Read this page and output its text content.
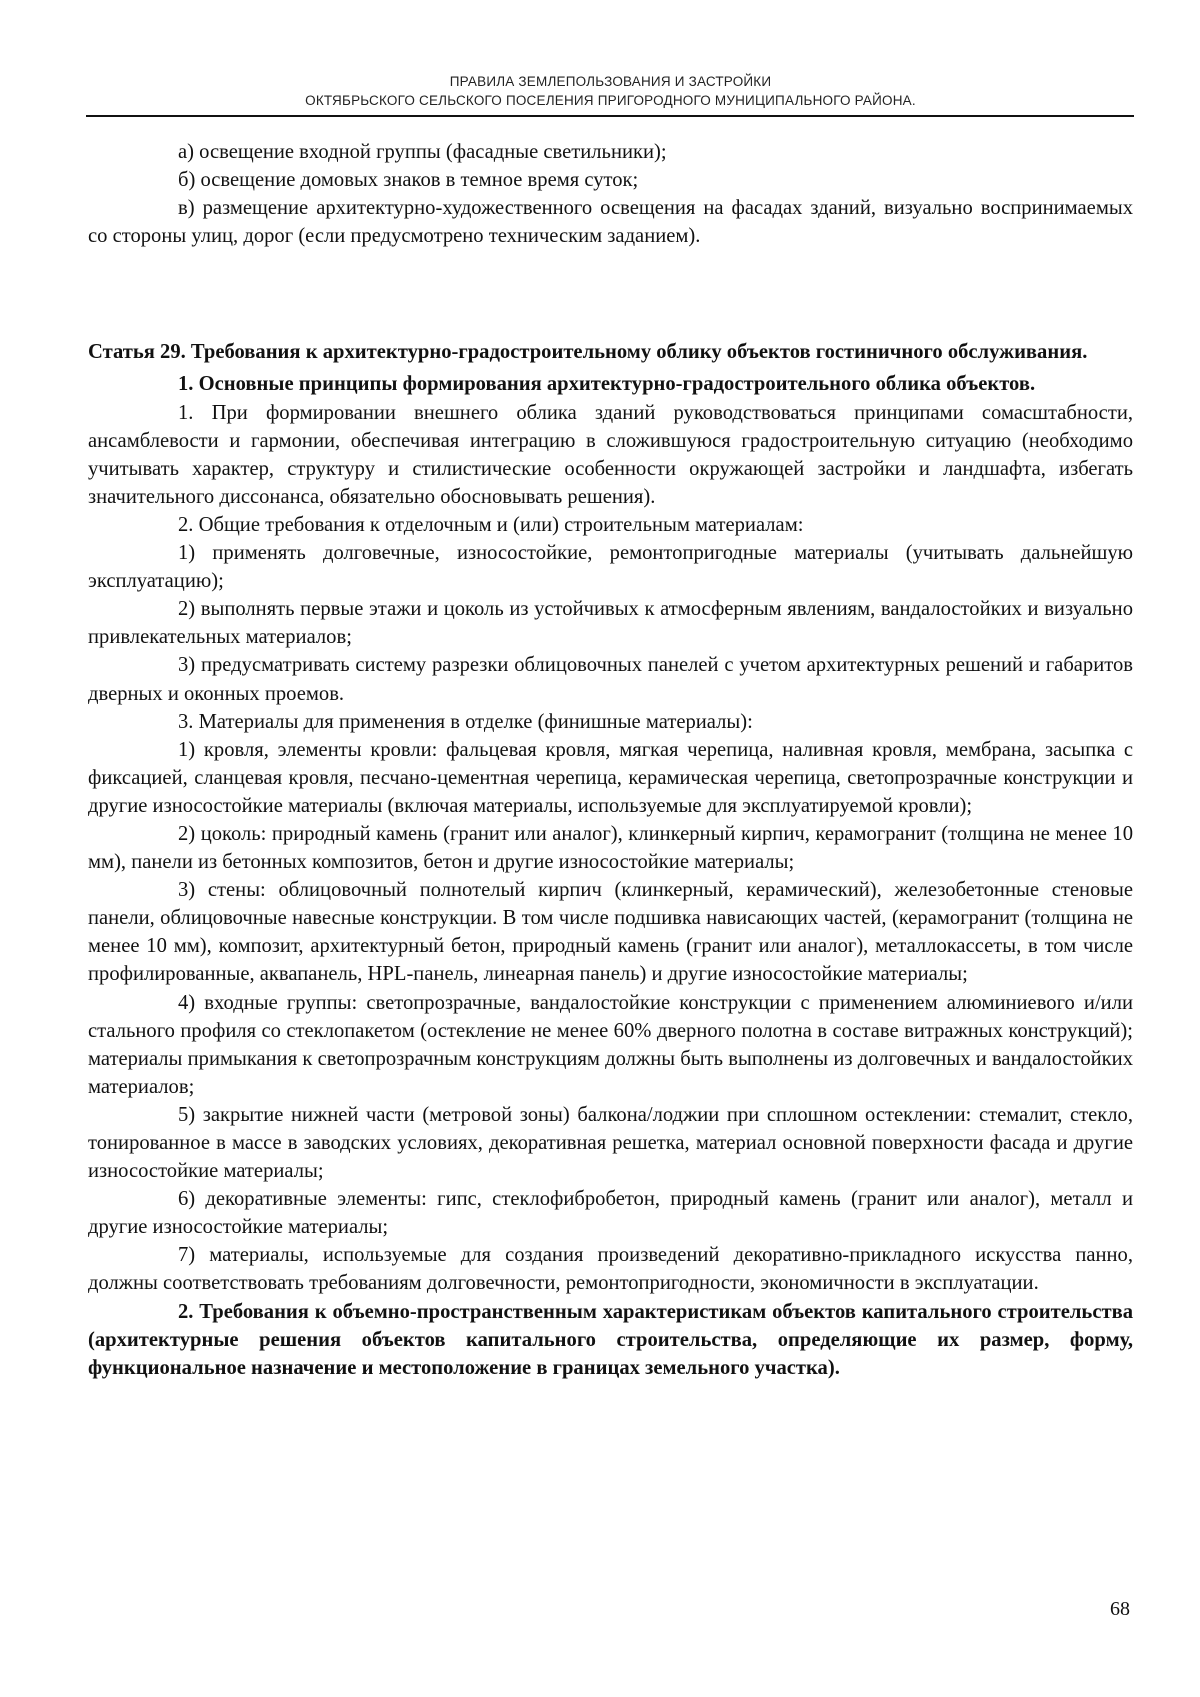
ПРАВИЛА ЗЕМЛЕПОЛЬЗОВАНИЯ И ЗАСТРОЙКИ
ОКТЯБРЬСКОГО СЕЛЬСКОГО ПОСЕЛЕНИЯ ПРИГОРОДНОГО МУНИЦИПАЛЬНОГО РАЙОНА.

а) освещение входной группы (фасадные светильники);

б) освещение домовых знаков в темное время суток;

в) размещение архитектурно-художественного освещения на фасадах зданий, визуально воспринимаемых со стороны улиц, дорог (если предусмотрено техническим заданием).

Статья 29. Требования к архитектурно-градостроительному облику объектов гостиничного обслуживания.

1. Основные принципы формирования архитектурно-градостроительного облика объектов.

1. При формировании внешнего облика зданий руководствоваться принципами сомасштабности, ансамблевости и гармонии, обеспечивая интеграцию в сложившуюся градостроительную ситуацию (необходимо учитывать характер, структуру и стилистические особенности окружающей застройки и ландшафта, избегать значительного диссонанса, обязательно обосновывать решения).

2. Общие требования к отделочным и (или) строительным материалам:

1) применять долговечные, износостойкие, ремонтопригодные материалы (учитывать дальнейшую эксплуатацию);

2) выполнять первые этажи и цоколь из устойчивых к атмосферным явлениям, вандалостойких и визуально привлекательных материалов;

3) предусматривать систему разрезки облицовочных панелей с учетом архитектурных решений и габаритов дверных и оконных проемов.

3. Материалы для применения в отделке (финишные материалы):

1) кровля, элементы кровли: фальцевая кровля, мягкая черепица, наливная кровля, мембрана, засыпка с фиксацией, сланцевая кровля, песчано-цементная черепица, керамическая черепица, светопрозрачные конструкции и другие износостойкие материалы (включая материалы, используемые для эксплуатируемой кровли);

2) цоколь: природный камень (гранит или аналог), клинкерный кирпич, керамогранит (толщина не менее 10 мм), панели из бетонных композитов, бетон и другие износостойкие материалы;

3) стены: облицовочный полнотелый кирпич (клинкерный, керамический), железобетонные стеновые панели, облицовочные навесные конструкции. В том числе подшивка нависающих частей, (керамогранит (толщина не менее 10 мм), композит, архитектурный бетон, природный камень (гранит или аналог), металлокассеты, в том числе профилированные, аквапанель, HPL-панель, линеарная панель) и другие износостойкие материалы;

4) входные группы: светопрозрачные, вандалостойкие конструкции с применением алюминиевого и/или стального профиля со стеклопакетом (остекление не менее 60% дверного полотна в составе витражных конструкций); материалы примыкания к светопрозрачным конструкциям должны быть выполнены из долговечных и вандалостойких материалов;

5) закрытие нижней части (метровой зоны) балкона/лоджии при сплошном остеклении: стемалит, стекло, тонированное в массе в заводских условиях, декоративная решетка, материал основной поверхности фасада и другие износостойкие материалы;

6) декоративные элементы: гипс, стеклофибробетон, природный камень (гранит или аналог), металл и другие износостойкие материалы;

7) материалы, используемые для создания произведений декоративно-прикладного искусства панно, должны соответствовать требованиям долговечности, ремонтопригодности, экономичности в эксплуатации.

2. Требования к объемно-пространственным характеристикам объектов капитального строительства (архитектурные решения объектов капитального строительства, определяющие их размер, форму, функциональное назначение и местоположение в границах земельного участка).

68
